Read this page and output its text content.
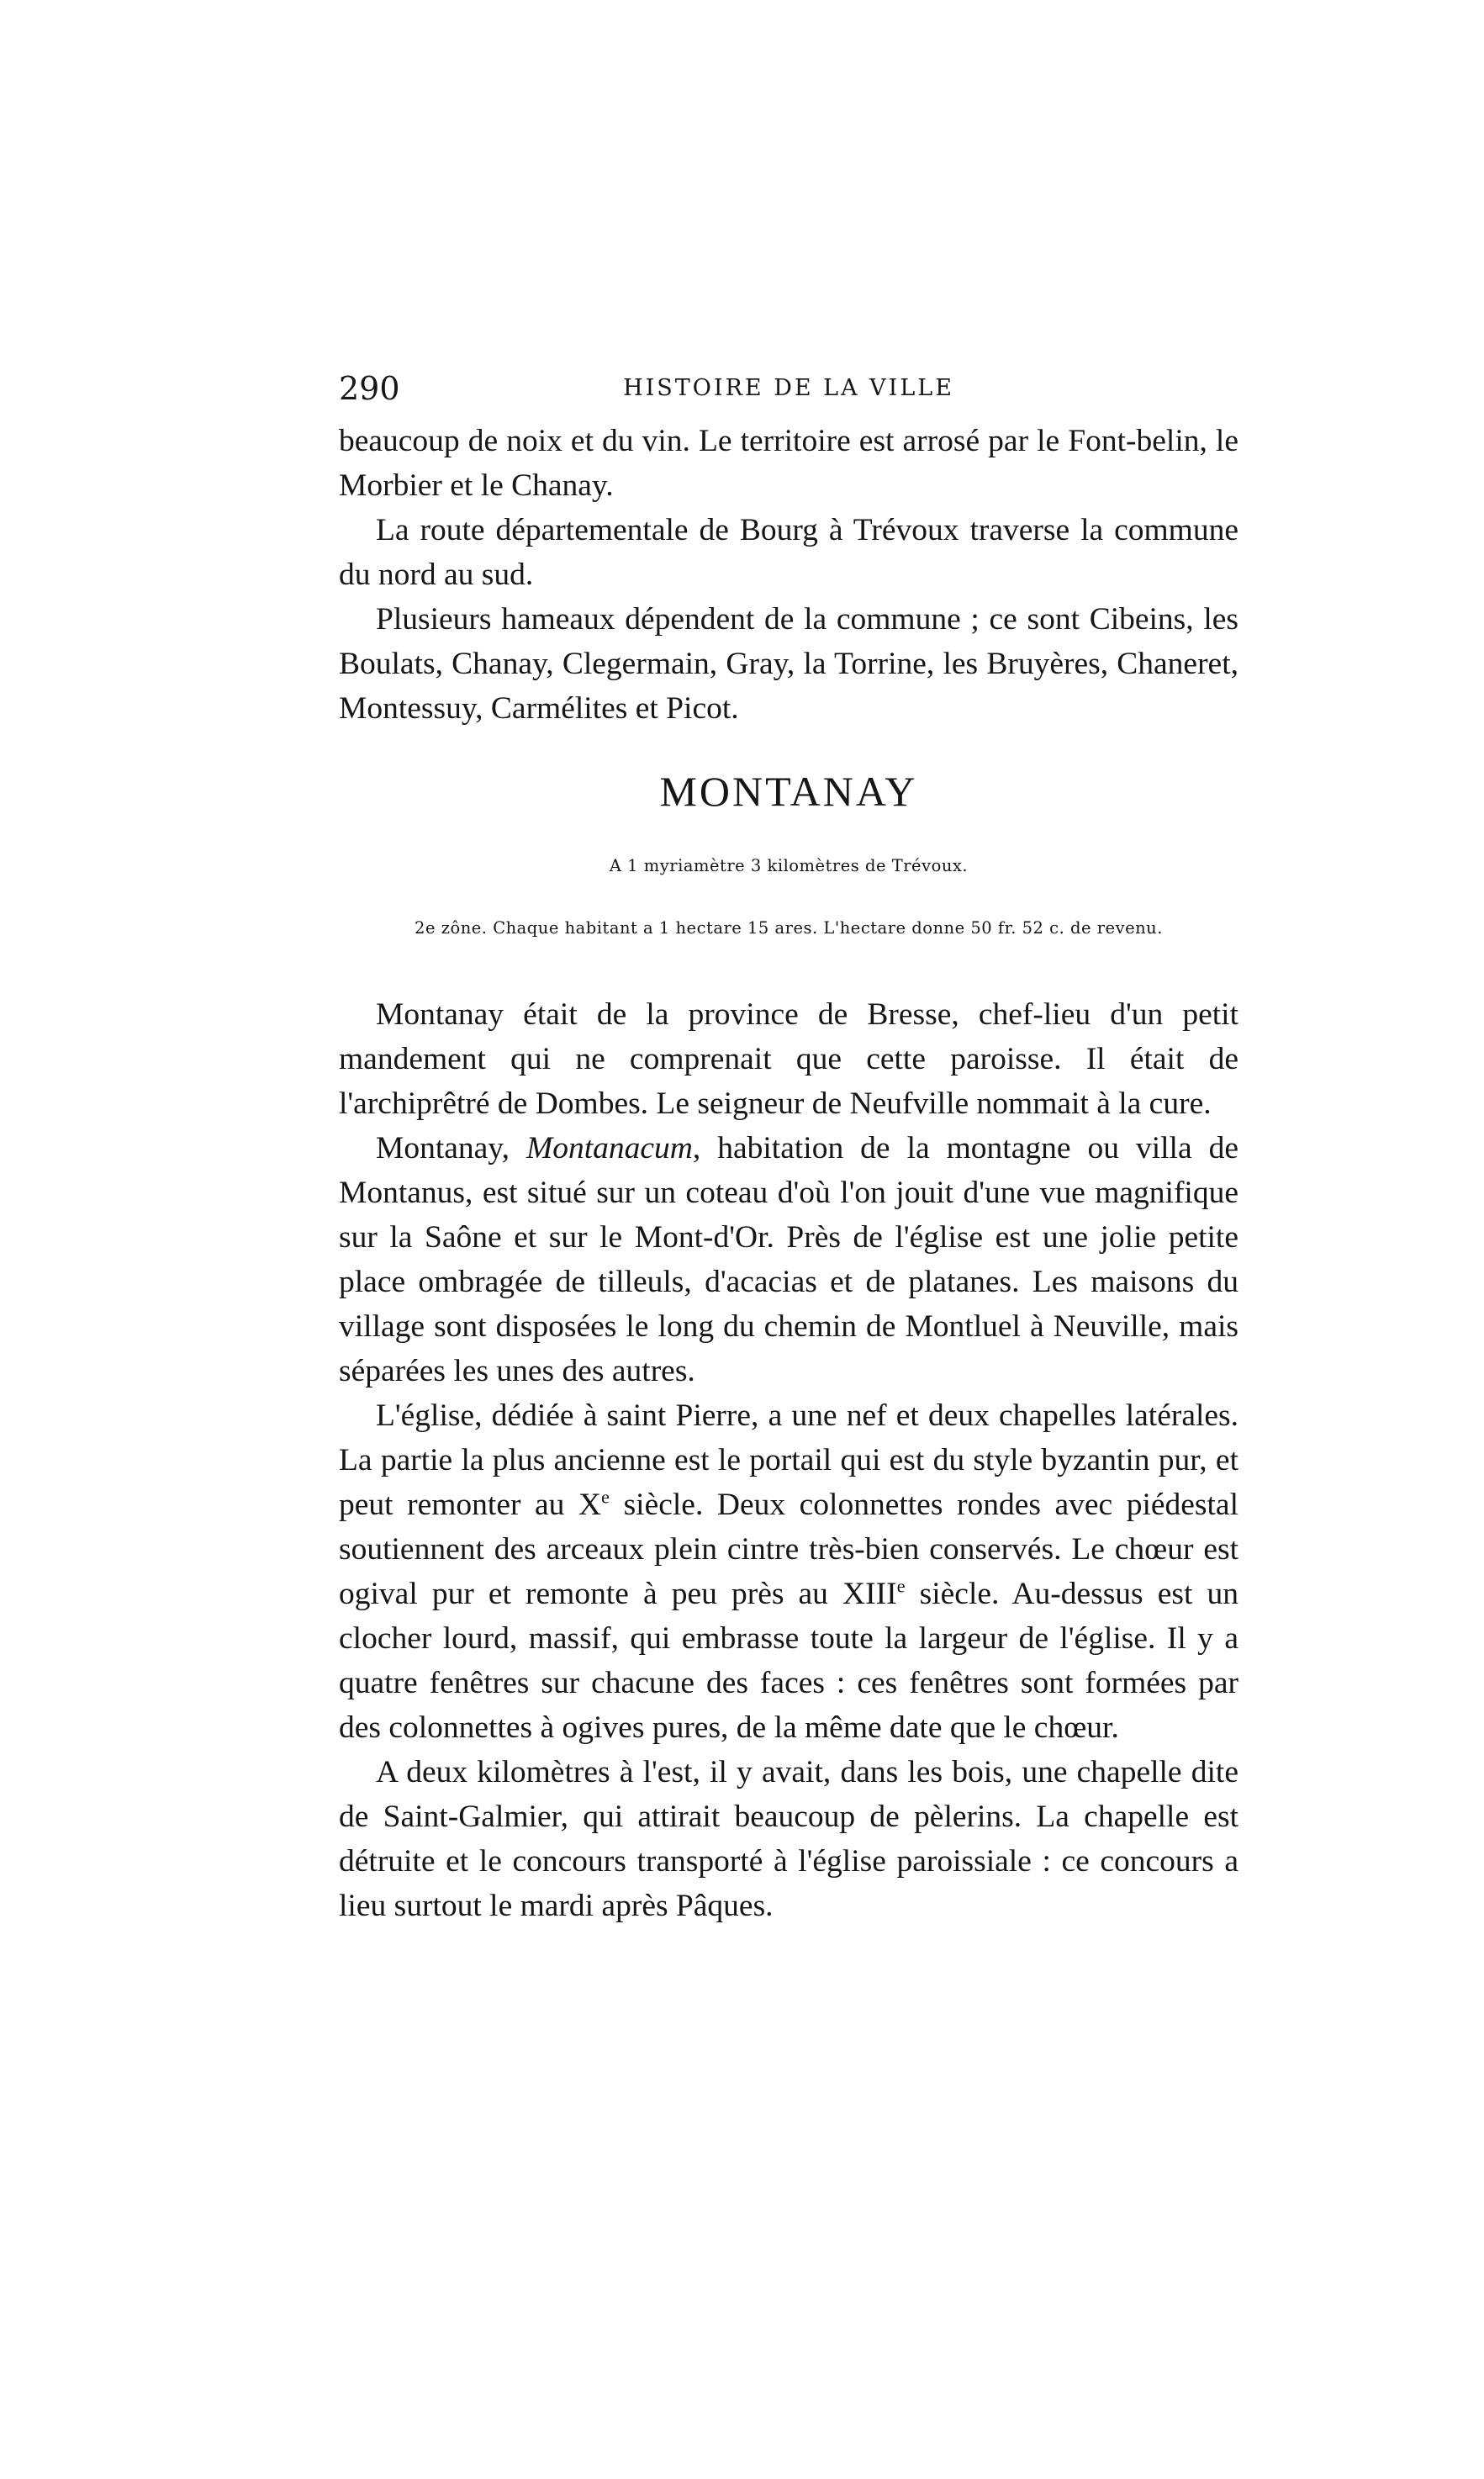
290	HISTOIRE DE LA VILLE

beaucoup de noix et du vin. Le territoire est arrosé par le Font-belin, le Morbier et le Chanay.

La route départementale de Bourg à Trévoux traverse la commune du nord au sud.

Plusieurs hameaux dépendent de la commune ; ce sont Cibeins, les Boulats, Chanay, Clegermain, Gray, la Torrine, les Bruyères, Chaneret, Montessuy, Carmélites et Picot.

MONTANAY
A 1 myriamètre 3 kilomètres de Trévoux.
2e zône. Chaque habitant a 1 hectare 15 ares. L'hectare donne 50 fr. 52 c. de revenu.

Montanay était de la province de Bresse, chef-lieu d'un petit mandement qui ne comprenait que cette paroisse. Il était de l'archiprêtré de Dombes. Le seigneur de Neufville nommait à la cure.

Montanay, Montanacum, habitation de la montagne ou villa de Montanus, est situé sur un coteau d'où l'on jouit d'une vue magnifique sur la Saône et sur le Mont-d'Or. Près de l'église est une jolie petite place ombragée de tilleuls, d'acacias et de platanes. Les maisons du village sont disposées le long du chemin de Montluel à Neuville, mais séparées les unes des autres.

L'église, dédiée à saint Pierre, a une nef et deux chapelles latérales. La partie la plus ancienne est le portail qui est du style byzantin pur, et peut remonter au Xe siècle. Deux colonnettes rondes avec piédestal soutiennent des arceaux plein cintre très-bien conservés. Le chœur est ogival pur et remonte à peu près au XIIIe siècle. Au-dessus est un clocher lourd, massif, qui embrasse toute la largeur de l'église. Il y a quatre fenêtres sur chacune des faces : ces fenêtres sont formées par des colonnettes à ogives pures, de la même date que le chœur.

A deux kilomètres à l'est, il y avait, dans les bois, une chapelle dite de Saint-Galmier, qui attirait beaucoup de pèlerins. La chapelle est détruite et le concours transporté à l'église paroissiale : ce concours a lieu surtout le mardi après Pâques.
